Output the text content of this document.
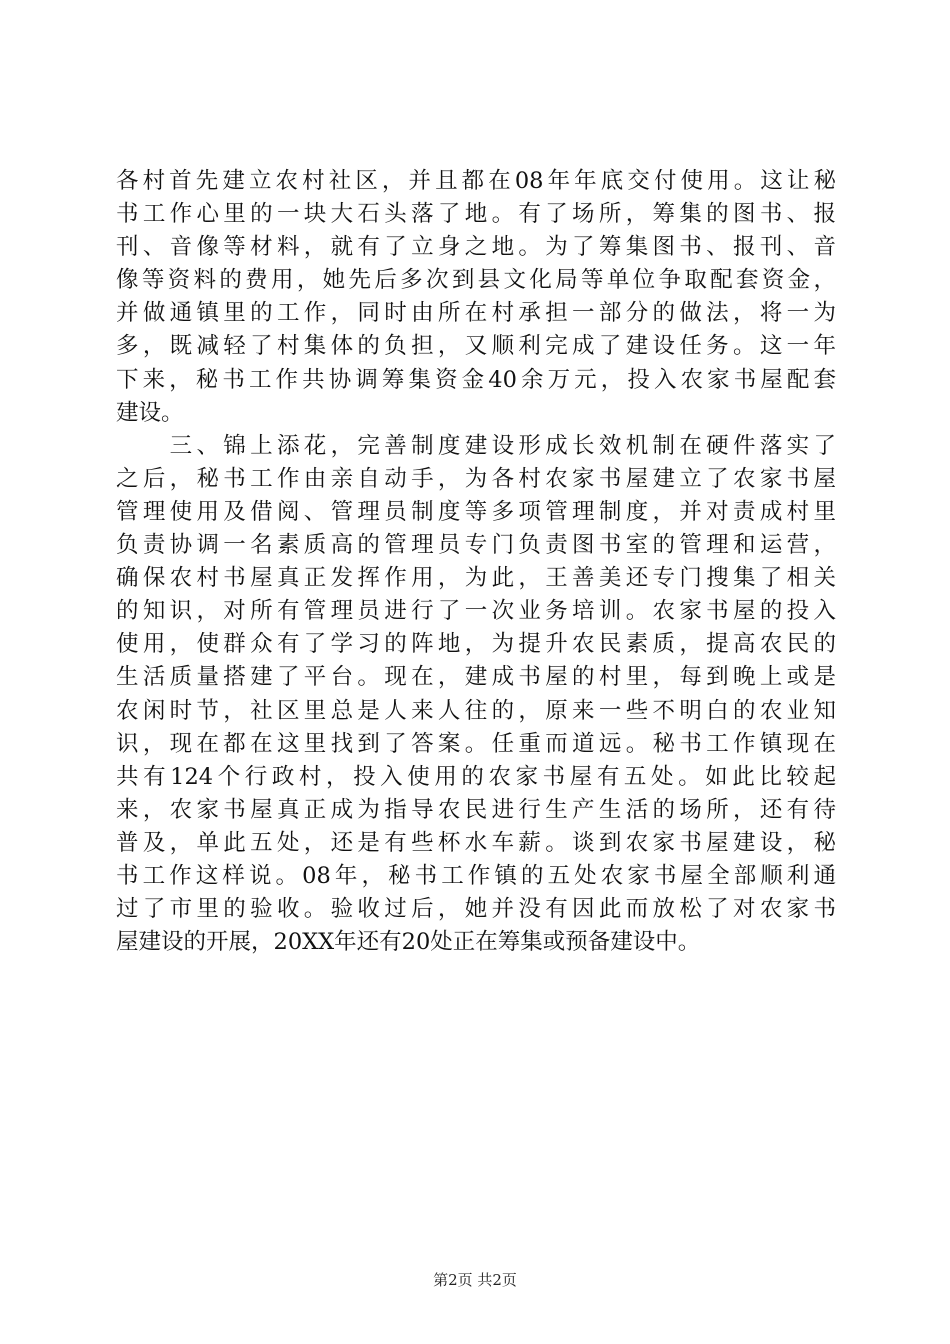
各村首先建立农村社区，并且都在08年年底交付使用。这让秘
书工作心里的一块大石头落了地。有了场所，筹集的图书、报
刊、音像等材料，就有了立身之地。为了筹集图书、报刊、音
像等资料的费用，她先后多次到县文化局等单位争取配套资金，
并做通镇里的工作，同时由所在村承担一部分的做法，将一为
多，既减轻了村集体的负担，又顺利完成了建设任务。这一年
下来，秘书工作共协调筹集资金40余万元，投入农家书屋配套
建设。
　　三、锦上添花，完善制度建设形成长效机制在硬件落实了
之后，秘书工作由亲自动手，为各村农家书屋建立了农家书屋
管理使用及借阅、管理员制度等多项管理制度，并对责成村里
负责协调一名素质高的管理员专门负责图书室的管理和运营，
确保农村书屋真正发挥作用，为此，王善美还专门搜集了相关
的知识，对所有管理员进行了一次业务培训。农家书屋的投入
使用，使群众有了学习的阵地，为提升农民素质，提高农民的
生活质量搭建了平台。现在，建成书屋的村里，每到晚上或是
农闲时节，社区里总是人来人往的，原来一些不明白的农业知
识，现在都在这里找到了答案。任重而道远。秘书工作镇现在
共有124个行政村，投入使用的农家书屋有五处。如此比较起
来，农家书屋真正成为指导农民进行生产生活的场所，还有待
普及，单此五处，还是有些杯水车薪。谈到农家书屋建设，秘
书工作这样说。08年，秘书工作镇的五处农家书屋全部顺利通
过了市里的验收。验收过后，她并没有因此而放松了对农家书
屋建设的开展，20XX年还有20处正在筹集或预备建设中。
第2页 共2页
